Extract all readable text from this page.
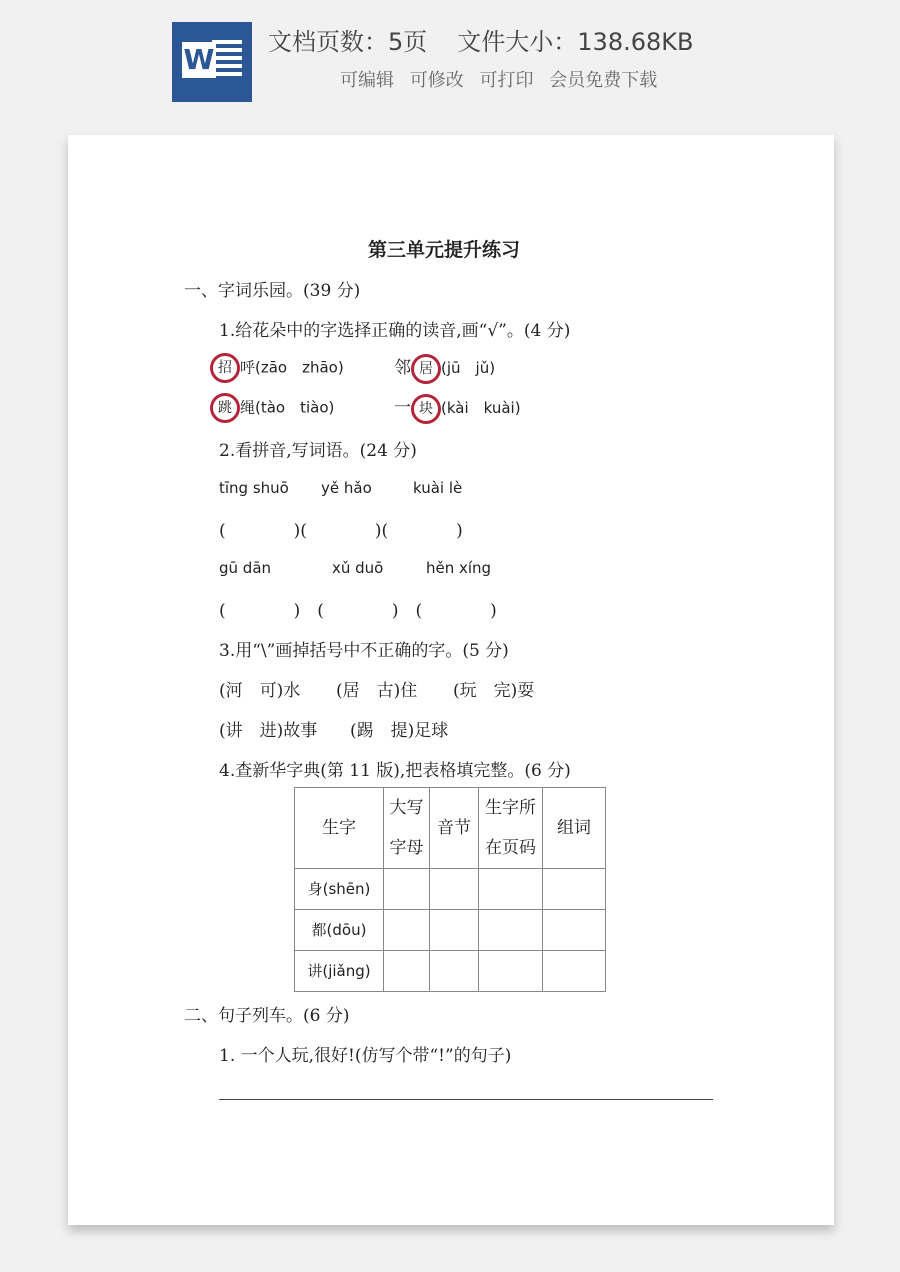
W
文档页数：5页 文件大小：138.68KB
可编辑 可修改 可打印 会员免费下载
第三单元提升练习
一、字词乐园。(39 分)
1.给花朵中的字选择正确的读音,画“√”。(4 分)
招 呼(zāo　zhāo)	邻 居 (jū　jǔ)
跳 绳(tào　tiào)	一 块 (kài　kuài)
2.看拼音,写词语。(24 分)
tīng shuō yě hǎo	kuài lè
(　　　　)(　　　　)(　　　　)
gū dān	xǔ duō	hěn xíng
(　　　　)　(　　　　)　(　　　　)
3.用“\”画掉括号中不正确的字。(5 分)
(河　可)水 (居　古)住 (玩　完)耍
(讲　进)故事 (踢　提)足球
4.查新华字典(第 11 版),把表格填完整。(6 分)
生字	大写字母	音节	生字所在页码	组词
身(shēn)				
都(dōu)				
讲(jiǎng)				
二、句子列车。(6 分)
1. 一个人玩,很好!(仿写个带“!”的句子)
